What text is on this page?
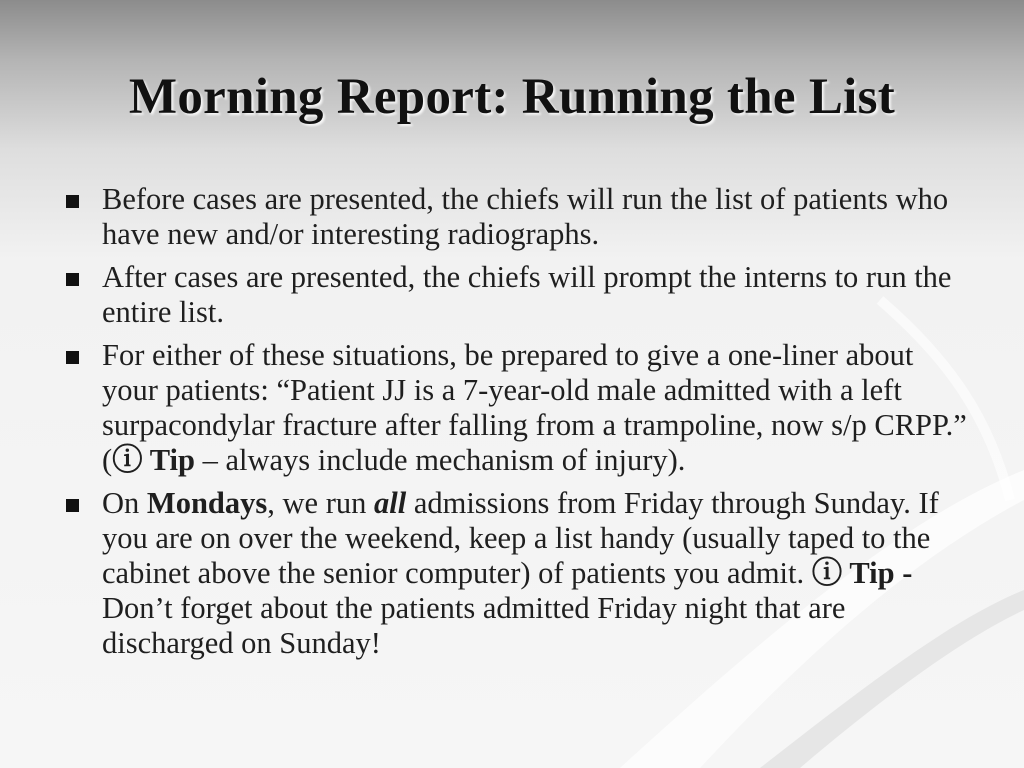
Morning Report: Running the List
Before cases are presented, the chiefs will run the list of patients who have new and/or interesting radiographs.
After cases are presented, the chiefs will prompt the interns to run the entire list.
For either of these situations, be prepared to give a one-liner about your patients: “Patient JJ is a 7-year-old male admitted with a left surpacondylar fracture after falling from a trampoline, now s/p CRPP.” (ⓘ Tip – always include mechanism of injury).
On Mondays, we run all admissions from Friday through Sunday. If you are on over the weekend, keep a list handy (usually taped to the cabinet above the senior computer) of patients you admit. ⓘ Tip - Don’t forget about the patients admitted Friday night that are discharged on Sunday!
